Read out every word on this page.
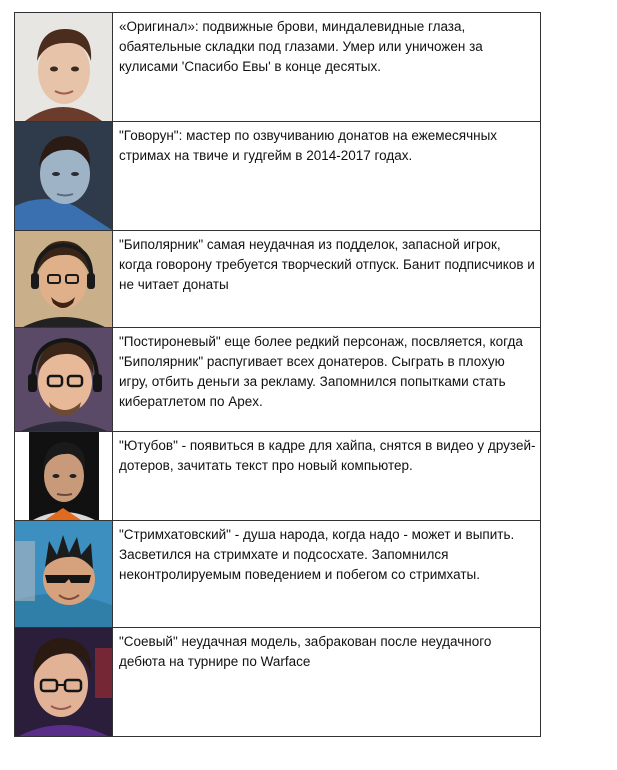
«Оригинал»: подвижные брови, миндалевидные глаза, обаятельные складки под глазами. Умер или уничожен за кулисами 'Спасибо Евы' в конце десятых.
"Говорун": мастер по озвучиванию донатов на ежемесячных стримах на твиче и гудгейм в 2014-2017 годах.
"Биполярник" самая неудачная из подделок, запасной игрок, когда говорону требуется творческий отпуск. Банит подписчиков и не читает донаты
"Постироневый" еще более редкий персонаж, посвляется, когда "Биполярник" распугивает всех донатеров. Сыграть в плохую игру, отбить деньги за рекламу. Запомнился попытками стать кибератлетом по Apex.
"Ютубов" - появиться в кадре для хайпа, снятся в видео у друзей-дотеров, зачитать текст про новый компьютер.
"Стримхатовский" - душа народа, когда надо - может и выпить. Засветился на стримхате и подсосхате. Запомнился неконтролируемым поведением и побегом со стримхаты.
"Соевый" неудачная модель, забракован после неудачного дебюта на турнире по Warface
